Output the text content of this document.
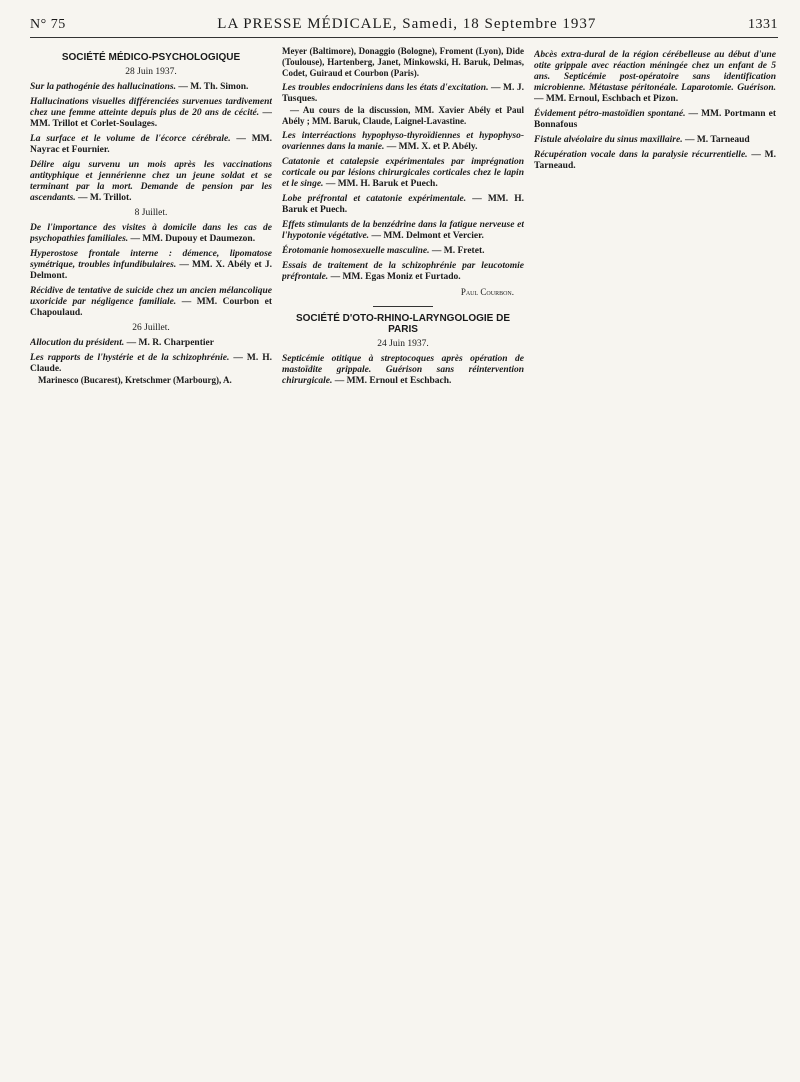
N° 75	LA PRESSE MÉDICALE, Samedi, 18 Septembre 1937	1331
SOCIÉTÉ MÉDICO-PSYCHOLOGIQUE
28 Juin 1937.
Sur la pathogénie des hallucinations. — M. Th. Simon.
Hallucinations visuelles différenciées survenues tardivement chez une femme atteinte depuis plus de 20 ans de cécité. — MM. Trillot et Corlet-Soulages.
La surface et le volume de l'écorce cérébrale. — MM. Nayrac et Fournier.
Délire aigu survenu un mois après les vaccinations antityphique et jennérienne chez un jeune soldat et se terminant par la mort. Demande de pension par les ascendants. — M. Trillot.
8 Juillet.
De l'importance des visites à domicile dans les cas de psychopathies familiales. — MM. Dupouy et Daumezon.
Hyperostose frontale interne : démence, lipomatose symétrique, troubles infundibulaires. — MM. X. Abély et J. Delmont.
Récidive de tentative de suicide chez un ancien mélancolique uxoricide par négligence familiale. — MM. Courbon et Chapoulaud.
26 Juillet.
Allocution du président. — M. R. Charpentier
Les rapports de l'hystérie et de la schizophrénie. — M. H. Claude.

Marinesco (Bucarest), Kretschmer (Marbourg), A.

Meyer (Baltimore), Donaggio (Bologne), Froment (Lyon), Dide (Toulouse), Hartenberg, Janet, Minkowski, H. Baruk, Delmas, Codet, Guiraud et Courbon (Paris).

Les troubles endocriniens dans les états d'excitation. — M. J. Tusques.

— Au cours de la discussion, MM. Xavier Abély et Paul Abély ; MM. Baruk, Claude, Laignel-Lavastine.

Les interréactions hypophyso-thyroïdiennes et hypophyso-ovariennes dans la manie. — MM. X. et P. Abély.
Catatonie et catalepsie expérimentales par imprégnation corticale ou par lésions chirurgicales corticales chez le lapin et le singe. — MM. H. Baruk et Puech.
Lobe préfrontal et catatonie expérimentale. — MM. H. Baruk et Puech.
Effets stimulants de la benzédrine dans la fatigue nerveuse et l'hypotonie végétative. — MM. Delmont et Vercier.
Érotomanie homosexuelle masculine. — M. Fretet.
Essais de traitement de la schizophrénie par leucotomie préfrontale. — MM. Egas Moniz et Furtado.
Paul Courbon.
SOCIÉTÉ D'OTO-RHINO-LARYNGOLOGIE DE PARIS
24 Juin 1937.
Septicémie otitique à streptocoques après opération de mastoïdite grippale. Guérison sans réintervention chirurgicale. — MM. Ernoul et Eschbach.
Abcès extra-dural de la région cérébelleuse au début d'une otite grippale avec réaction méningée chez un enfant de 5 ans. Septicémie post-opératoire sans identification microbienne. Métastase péritonéale. Laparotomie. Guérison. — MM. Ernoul, Eschbach et Pizon.
Évidement pétro-mastoïdien spontané. — MM. Portmann et Bonnafous
Fistule alvéolaire du sinus maxillaire. — M. Tarneaud
Récupération vocale dans la paralysie récurrentielle. — M. Tarneaud.
